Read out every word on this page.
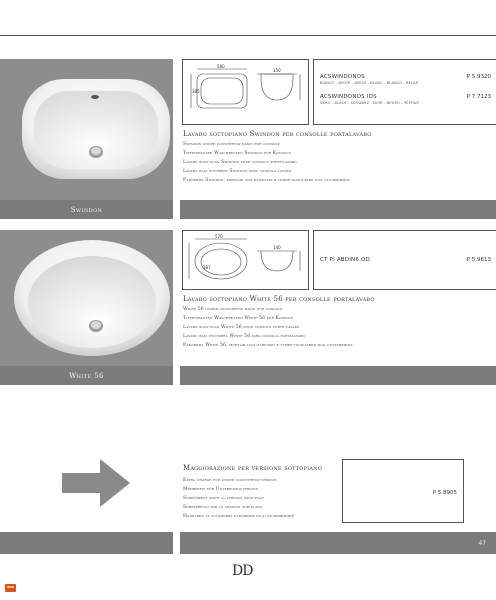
Swindon
580
385
150
ACSWINDONOS	P 5.9320
BIANCO - WHITE - WEISS - BLANC - BLANCO - BELAЯ
ACSWINDONOS IDS	P 7.7123
NERO - BLACK - SCHWARZ - NOIR - NEGRO - ЧЁРНАЯ
Lavabo sottopiano Swindon per consolle portalavabo
Swindon under countertop basin for console
Tiefeinbauten Waschbecken Swindon für Konsole
Lavabo sous-plan Swindon pour console porte-lavabo
Lavabo bajo encimera Swindon para consola lavabo
Раковина Swindon, монтаж под панелью в тумбе-подставке под столешницу
White 56
570
387
140
CT PI ABDIN6 OD	P 5.9613
Lavabo sottopiano White 56 per consolle portalavabo
White 56 under countertop basin for console
Tiefeinbauten Waschbecken White 56 für Konsole
Lavabo sous-plan White 56 pour console porte-lavabo
Lavabo bajo encimera White 56 para consola portalavabo
Раковина White 56, монтаж под панелью в тумбе-подставке под столешницу
Maggiorazione per versione sottopiano
Extra charge for under countertop version
Mehrpreis für Untereinbauversion
Supplément pour la version sous-plan
Sobreprecio por la versión sub-plano
Надбавка за установку раковины под столешницей
P 5.8905
47
DD
